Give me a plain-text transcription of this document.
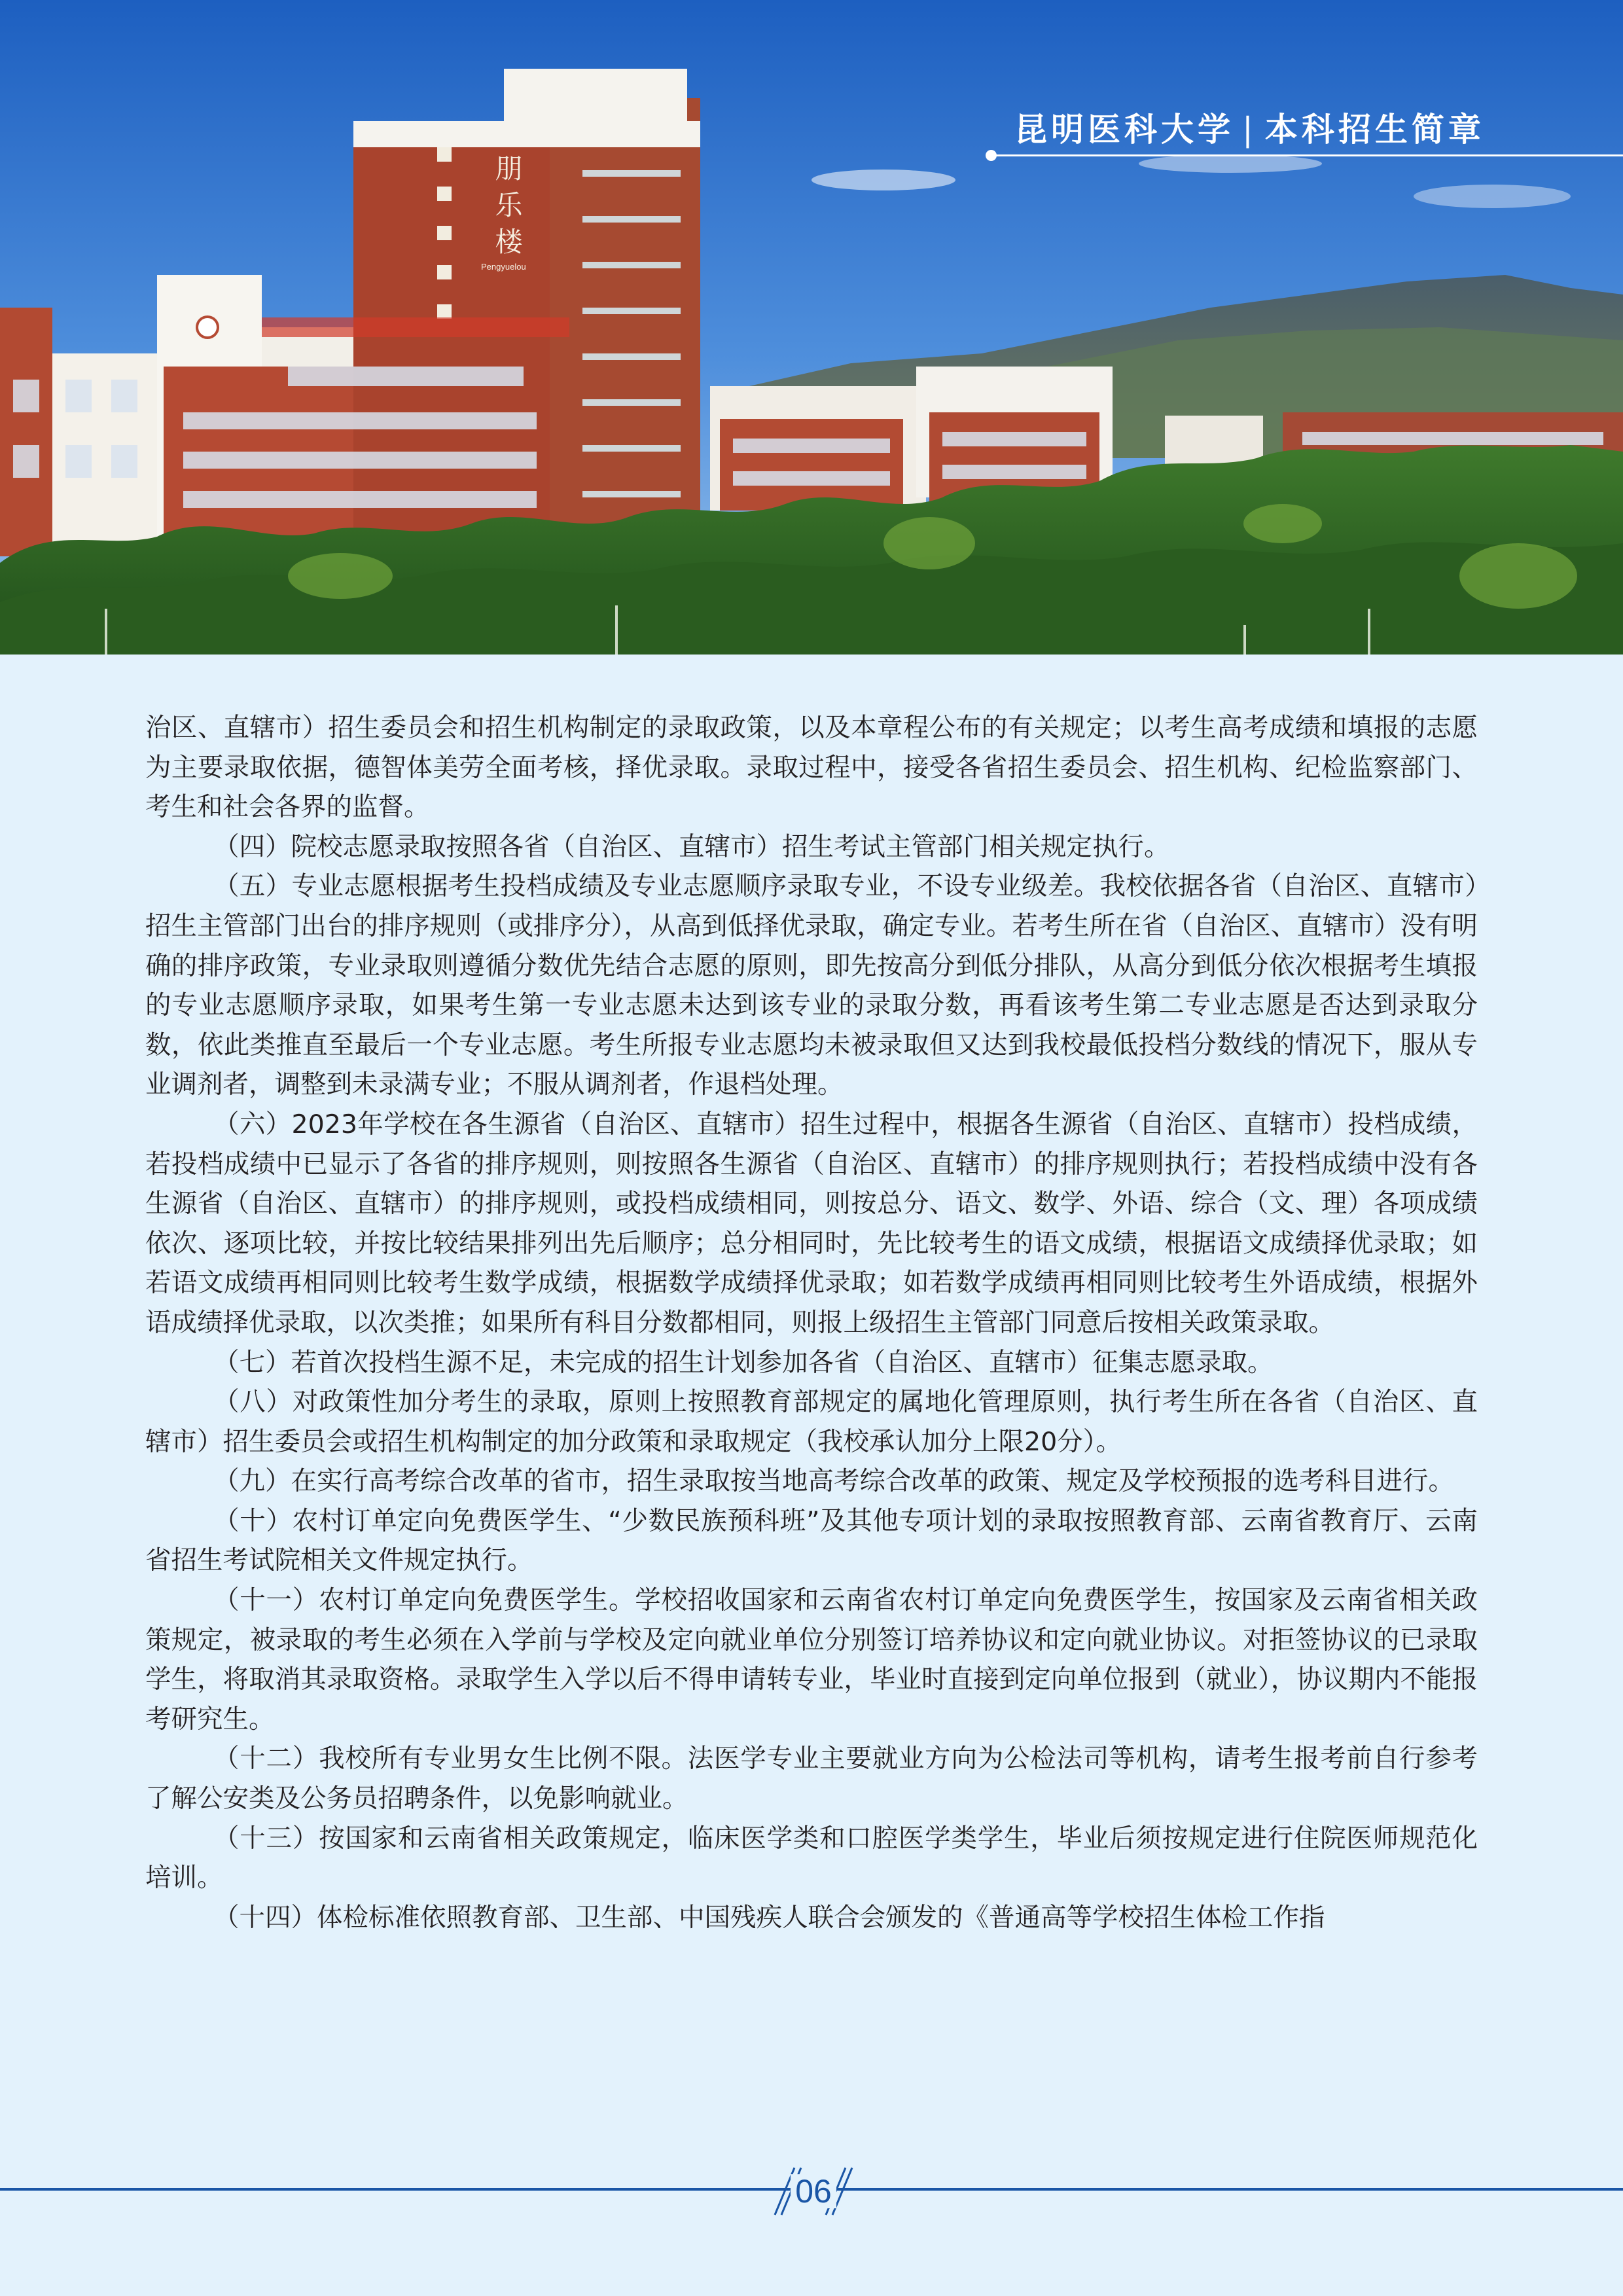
朋乐楼
Pengyuelou
昆明医科大学 | 本科招生简章

治区、直辖市）招生委员会和招生机构制定的录取政策，以及本章程公布的有关规定；以考生高考成绩和填报的志愿为主要录取依据，德智体美劳全面考核，择优录取。录取过程中，接受各省招生委员会、招生机构、纪检监察部门、考生和社会各界的监督。

（四）院校志愿录取按照各省（自治区、直辖市）招生考试主管部门相关规定执行。

（五）专业志愿根据考生投档成绩及专业志愿顺序录取专业，不设专业级差。我校依据各省（自治区、直辖市）招生主管部门出台的排序规则（或排序分），从高到低择优录取，确定专业。若考生所在省（自治区、直辖市）没有明确的排序政策，专业录取则遵循分数优先结合志愿的原则，即先按高分到低分排队，从高分到低分依次根据考生填报的专业志愿顺序录取，如果考生第一专业志愿未达到该专业的录取分数，再看该考生第二专业志愿是否达到录取分数，依此类推直至最后一个专业志愿。考生所报专业志愿均未被录取但又达到我校最低投档分数线的情况下，服从专业调剂者，调整到未录满专业；不服从调剂者，作退档处理。

（六）2023年学校在各生源省（自治区、直辖市）招生过程中，根据各生源省（自治区、直辖市）投档成绩，若投档成绩中已显示了各省的排序规则，则按照各生源省（自治区、直辖市）的排序规则执行；若投档成绩中没有各生源省（自治区、直辖市）的排序规则，或投档成绩相同，则按总分、语文、数学、外语、综合（文、理）各项成绩依次、逐项比较，并按比较结果排列出先后顺序；总分相同时，先比较考生的语文成绩，根据语文成绩择优录取；如若语文成绩再相同则比较考生数学成绩，根据数学成绩择优录取；如若数学成绩再相同则比较考生外语成绩，根据外语成绩择优录取，以次类推；如果所有科目分数都相同，则报上级招生主管部门同意后按相关政策录取。

（七）若首次投档生源不足，未完成的招生计划参加各省（自治区、直辖市）征集志愿录取。

（八）对政策性加分考生的录取，原则上按照教育部规定的属地化管理原则，执行考生所在各省（自治区、直辖市）招生委员会或招生机构制定的加分政策和录取规定（我校承认加分上限20分）。

（九）在实行高考综合改革的省市，招生录取按当地高考综合改革的政策、规定及学校预报的选考科目进行。

（十）农村订单定向免费医学生、“少数民族预科班”及其他专项计划的录取按照教育部、云南省教育厅、云南省招生考试院相关文件规定执行。

（十一）农村订单定向免费医学生。学校招收国家和云南省农村订单定向免费医学生，按国家及云南省相关政策规定，被录取的考生必须在入学前与学校及定向就业单位分别签订培养协议和定向就业协议。对拒签协议的已录取学生，将取消其录取资格。录取学生入学以后不得申请转专业，毕业时直接到定向单位报到（就业），协议期内不能报考研究生。

（十二）我校所有专业男女生比例不限。法医学专业主要就业方向为公检法司等机构，请考生报考前自行参考了解公安类及公务员招聘条件，以免影响就业。

（十三）按国家和云南省相关政策规定，临床医学类和口腔医学类学生，毕业后须按规定进行住院医师规范化培训。

（十四）体检标准依照教育部、卫生部、中国残疾人联合会颁发的《普通高等学校招生体检工作指

06
